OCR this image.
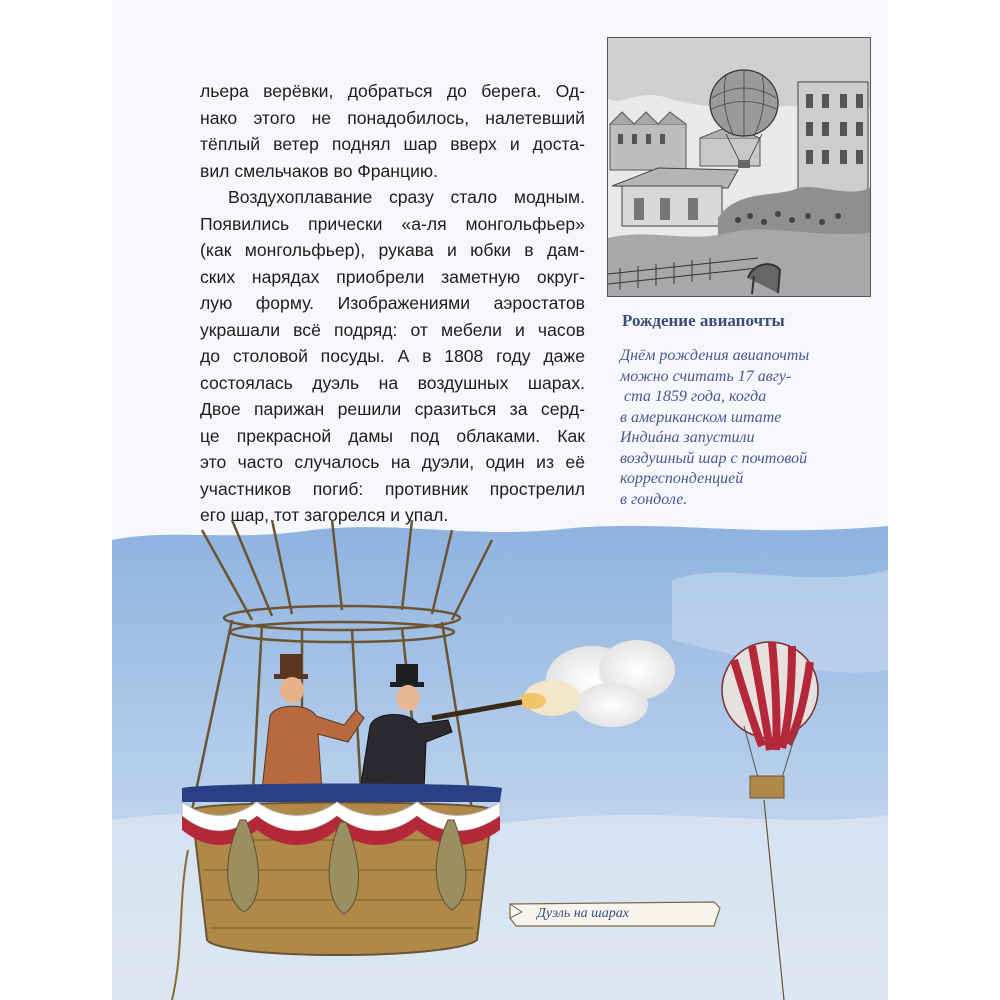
льера верёвки, добраться до берега. Од-
нако этого не понадобилось, налетевший
тёплый ветер поднял шар вверх и доста-
вил смельчаков во Францию.

Воздухоплавание сразу стало модным.
Появились прически «а-ля монгольфьер»
(как монгольфьер), рукава и юбки в дам-
ских нарядах приобрели заметную округ-
лую форму. Изображениями аэростатов
украшали всё подряд: от мебели и часов
до столовой посуды. А в 1808 году даже
состоялась дуэль на воздушных шарах.
Двое парижан решили сразиться за серд-
це прекрасной дамы под облаками. Как
это часто случалось на дуэли, один из её
участников погиб: противник прострелил
его шар, тот загорелся и упал.

Рождение авиапочты
Днём рождения авиапочты
можно считать 17 авгу-
ста 1859 года, когда
в американском штате
Индиáна запустили
воздушный шар с почтовой
корреспонденцией
в гондоле.
Дуэль на шарах
